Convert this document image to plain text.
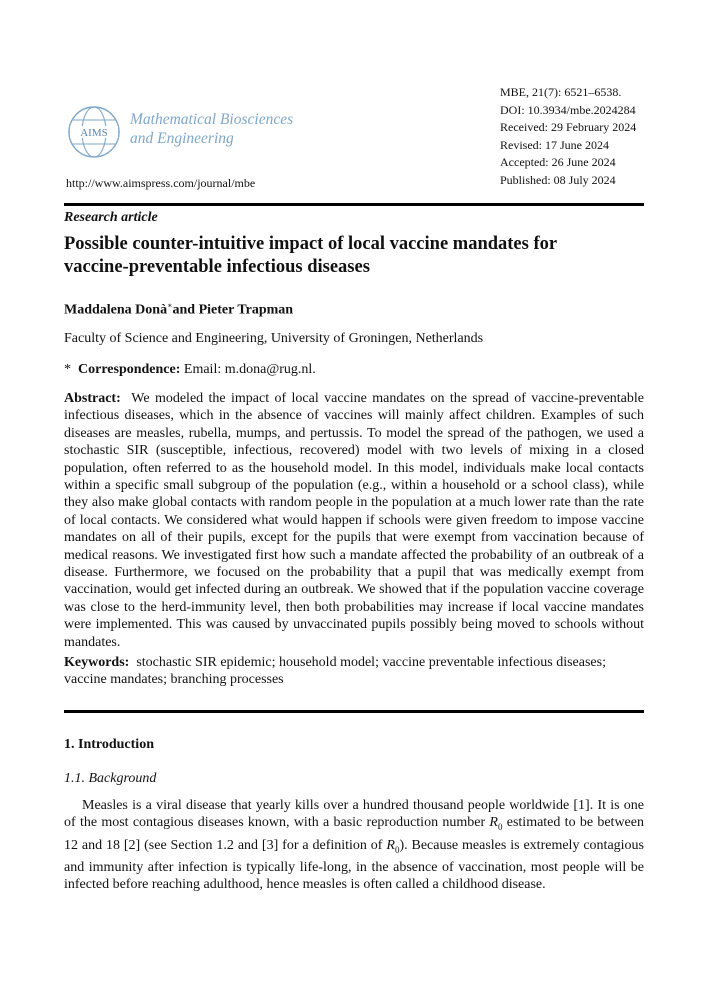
AIMS
Mathematical Biosciences
and Engineering
http://www.aimspress.com/journal/mbe
MBE, 21(7): 6521–6538.
DOI: 10.3934/mbe.2024284
Received: 29 February 2024
Revised: 17 June 2024
Accepted: 26 June 2024
Published: 08 July 2024
Research article
Possible counter-intuitive impact of local vaccine mandates for
vaccine-preventable infectious diseases
Maddalena Donà∗and Pieter Trapman
Faculty of Science and Engineering, University of Groningen, Netherlands
* Correspondence: Email: m.dona@rug.nl.
Abstract: We modeled the impact of local vaccine mandates on the spread of vaccine-preventable infectious diseases, which in the absence of vaccines will mainly affect children. Examples of such diseases are measles, rubella, mumps, and pertussis. To model the spread of the pathogen, we used a stochastic SIR (susceptible, infectious, recovered) model with two levels of mixing in a closed population, often referred to as the household model. In this model, individuals make local contacts within a specific small subgroup of the population (e.g., within a household or a school class), while they also make global contacts with random people in the population at a much lower rate than the rate of local contacts. We considered what would happen if schools were given freedom to impose vaccine mandates on all of their pupils, except for the pupils that were exempt from vaccination because of medical reasons. We investigated first how such a mandate affected the probability of an outbreak of a disease. Furthermore, we focused on the probability that a pupil that was medically exempt from vaccination, would get infected during an outbreak. We showed that if the population vaccine coverage was close to the herd-immunity level, then both probabilities may increase if local vaccine mandates were implemented. This was caused by unvaccinated pupils possibly being moved to schools without mandates.
Keywords: stochastic SIR epidemic; household model; vaccine preventable infectious diseases; vaccine mandates; branching processes
1. Introduction
1.1. Background
Measles is a viral disease that yearly kills over a hundred thousand people worldwide [1]. It is one of the most contagious diseases known, with a basic reproduction number $R_0$ estimated to be between 12 and 18 [2] (see Section 1.2 and [3] for a definition of $R_0$). Because measles is extremely contagious and immunity after infection is typically life-long, in the absence of vaccination, most people will be infected before reaching adulthood, hence measles is often called a childhood disease.
